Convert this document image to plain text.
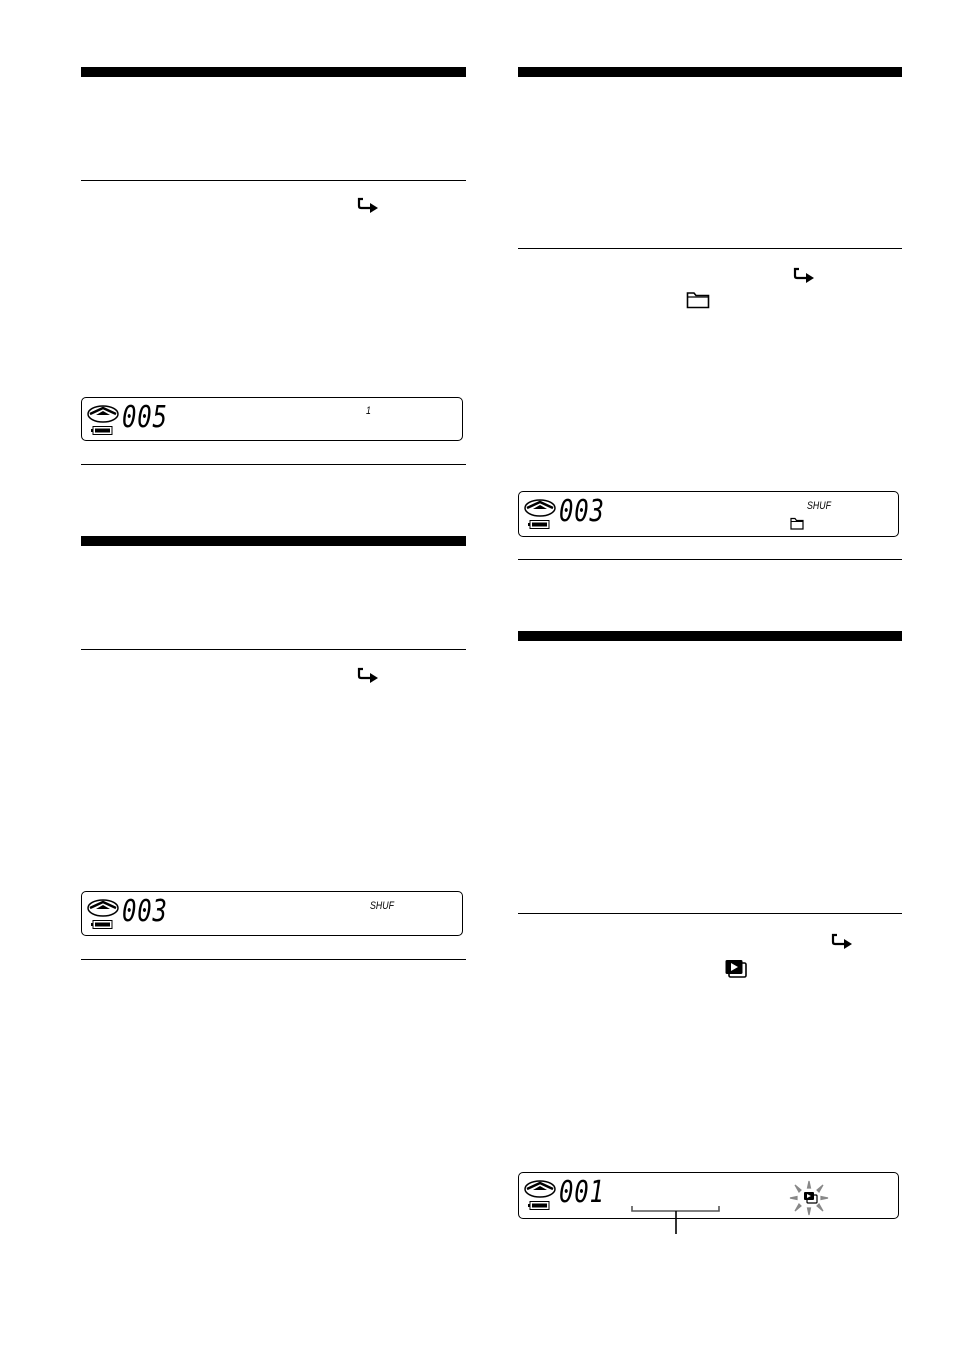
005	1
003	SHUF
003	SHUF
001
